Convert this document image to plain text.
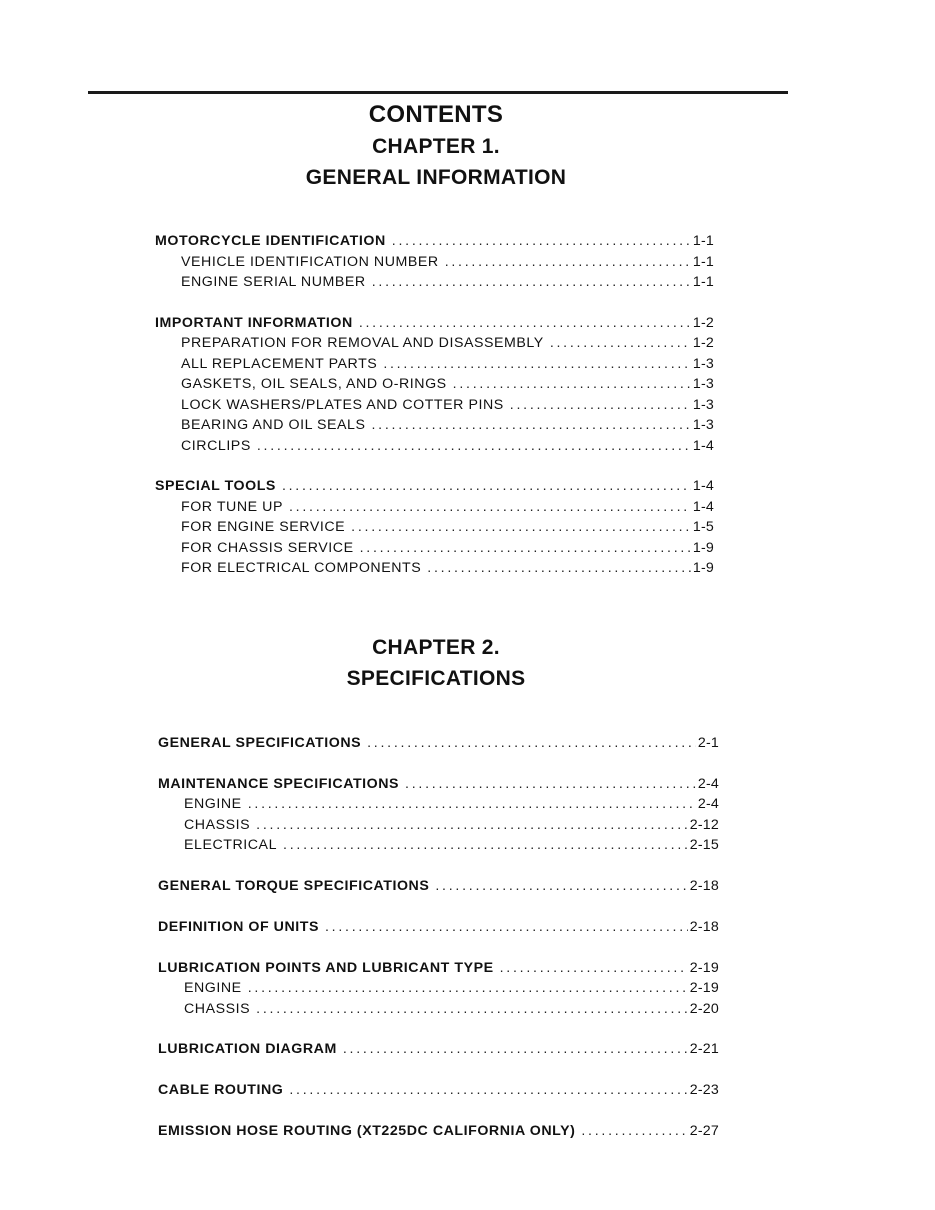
CONTENTS
CHAPTER 1.
GENERAL INFORMATION
MOTORCYCLE IDENTIFICATION . . .	1-1
VEHICLE IDENTIFICATION NUMBER . . .	1-1
ENGINE SERIAL NUMBER . . .	1-1
IMPORTANT INFORMATION . . .	1-2
PREPARATION FOR REMOVAL AND DISASSEMBLY . . .	1-2
ALL REPLACEMENT PARTS . . .	1-3
GASKETS, OIL SEALS, AND O-RINGS . . .	1-3
LOCK WASHERS/PLATES AND COTTER PINS . . .	1-3
BEARING AND OIL SEALS . . .	1-3
CIRCLIPS . . .	1-4
SPECIAL TOOLS . . .	1-4
FOR TUNE UP . . .	1-4
FOR ENGINE SERVICE . . .	1-5
FOR CHASSIS SERVICE . . .	1-9
FOR ELECTRICAL COMPONENTS . . .	1-9
CHAPTER 2.
SPECIFICATIONS
GENERAL SPECIFICATIONS . . .	2-1
MAINTENANCE SPECIFICATIONS . . .	2-4
ENGINE . . .	2-4
CHASSIS . . .	2-12
ELECTRICAL . . .	2-15
GENERAL TORQUE SPECIFICATIONS . . .	2-18
DEFINITION OF UNITS . . .	2-18
LUBRICATION POINTS AND LUBRICANT TYPE . . .	2-19
ENGINE . . .	2-19
CHASSIS . . .	2-20
LUBRICATION DIAGRAM . . .	2-21
CABLE ROUTING . . .	2-23
EMISSION HOSE ROUTING (XT225DC CALIFORNIA ONLY) . . .	2-27
